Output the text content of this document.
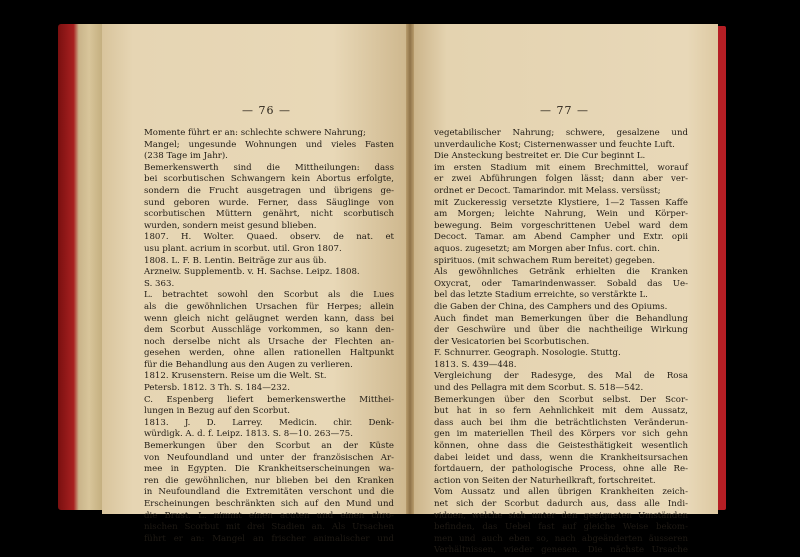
— 76 —
Momente führt er an: schlechte schwere Nahrung;
Mangel; ungesunde Wohnungen und vieles Fasten
(238 Tage im Jahr).
Bemerkenswerth sind die Mittheilungen: dass
bei scorbutischen Schwangern kein Abortus erfolgte,
sondern die Frucht ausgetragen und übrigens ge-
sund geboren wurde. Ferner, dass Säuglinge von
scorbutischen Müttern genährt, nicht scorbutisch
wurden, sondern meist gesund blieben.
1807. H. Wolter. Quaed. observ. de nat. et
usu plant. acrium in scorbut. util. Gron 1807.
1808. L. F. B. Lentin. Beiträge zur aus üb.
Arzneiw. Supplementb. v. H. Sachse. Leipz. 1808.
S. 363.
L. betrachtet sowohl den Scorbut als die Lues
als die gewöhnlichen Ursachen für Herpes; allein
wenn gleich nicht geläugnet werden kann, dass bei
dem Scorbut Ausschläge vorkommen, so kann den-
noch derselbe nicht als Ursache der Flechten an-
gesehen werden, ohne allen rationellen Haltpunkt
für die Behandlung aus den Augen zu verlieren.
1812. Krusenstern. Reise um die Welt. St.
Petersb. 1812. 3 Th. S. 184—232.
C. Espenberg liefert bemerkenswerthe Mitthei-
lungen in Bezug auf den Scorbut.
1813. J. D. Larrey. Medicin. chir. Denk-
würdigk. A. d. f. Leipz. 1813. S. 8—10. 263—75.
Bemerkungen über den Scorbut an der Küste
von Neufoundland und unter der französischen Ar-
mee in Egypten. Die Krankheitserscheinungen wa-
ren die gewöhnlichen, nur blieben bei den Kranken
in Neufoundland die Extremitäten verschont und die
Erscheinungen beschränkten sich auf den Mund und
die Brust. L. nimmt einen acuten und einen chro-
nischen Scorbut mit drei Stadien an. Als Ursachen
führt er an: Mangel an frischer animalischer und
— 77 —
vegetabilischer Nahrung; schwere, gesalzene und
unverdauliche Kost; Cisternenwasser und feuchte Luft.
Die Ansteckung bestreitet er. Die Cur beginnt L.
im ersten Stadium mit einem Brechmittel, worauf
er zwei Abführungen folgen lässt; dann aber ver-
ordnet er Decoct. Tamarindor. mit Melass. versüsst;
mit Zuckeressig versetzte Klystiere, 1—2 Tassen Kaffe
am Morgen; leichte Nahrung, Wein und Körper-
bewegung. Beim vorgeschrittenen Uebel ward dem
Decoct. Tamar. am Abend Campher und Extr. opii
aquos. zugesetzt; am Morgen aber Infus. cort. chin.
spirituos. (mit schwachem Rum bereitet) gegeben.
Als gewöhnliches Getränk erhielten die Kranken
Oxycrat, oder Tamarindenwasser. Sobald das Ue-
bel das letzte Stadium erreichte, so verstärkte L.
die Gaben der China, des Camphers und des Opiums.
Auch findet man Bemerkungen über die Behandlung
der Geschwüre und über die nachtheilige Wirkung
der Vesicatorien bei Scorbutischen.
F. Schnurrer. Geograph. Nosologie. Stuttg.
1813. S. 439—448.
Vergleichung der Radesyge, des Mal de Rosa
und des Pellagra mit dem Scorbut. S. 518—542.
Bemerkungen über den Scorbut selbst. Der Scor-
but hat in so fern Aehnlichkeit mit dem Aussatz,
dass auch bei ihm die beträchtlichsten Veränderun-
gen im materiellen Theil des Körpers vor sich gehn
können, ohne dass die Geistesthätigkeit wesentlich
dabei leidet und dass, wenn die Krankheitsursachen
fortdauern, der pathologische Process, ohne alle Re-
action von Seiten der Naturheilkraft, fortschreitet.
Vom Aussatz und allen übrigen Krankheiten zeich-
net sich der Scorbut dadurch aus, dass alle Indi-
viduen, welche sich unter den geeigneten Umständen
befinden, das Uebel fast auf gleiche Weise bekom-
men und auch eben so, nach abgeänderten äusseren
Verhältnissen, wieder genesen. Die nächste Ursache
